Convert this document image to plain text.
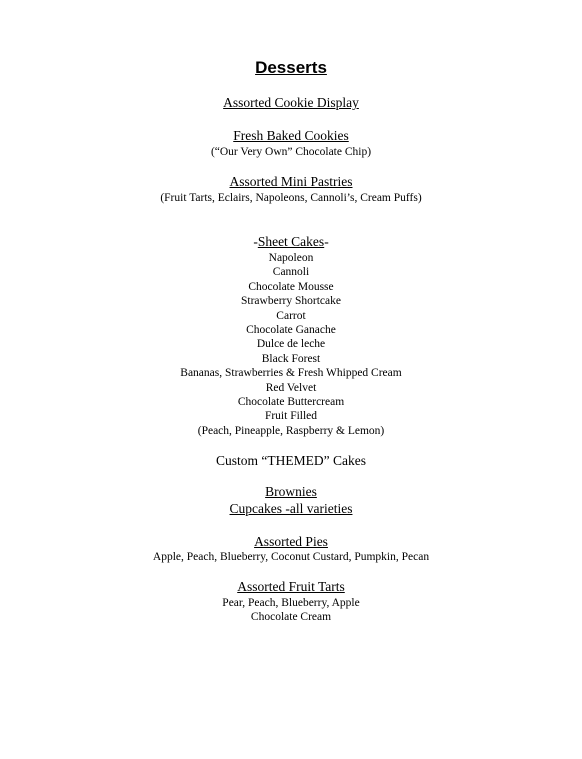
Desserts
Assorted Cookie Display
Fresh Baked Cookies
(“Our Very Own” Chocolate Chip)
Assorted Mini Pastries
(Fruit Tarts, Eclairs, Napoleons, Cannoli’s, Cream Puffs)
-Sheet Cakes-
Napoleon
Cannoli
Chocolate Mousse
Strawberry Shortcake
Carrot
Chocolate Ganache
Dulce de leche
Black Forest
Bananas, Strawberries & Fresh Whipped Cream
Red Velvet
Chocolate Buttercream
Fruit Filled
(Peach, Pineapple, Raspberry & Lemon)
Custom “THEMED” Cakes
Brownies
Cupcakes -all varieties
Assorted Pies
Apple, Peach, Blueberry, Coconut Custard, Pumpkin, Pecan
Assorted Fruit Tarts
Pear, Peach, Blueberry, Apple
Chocolate Cream
